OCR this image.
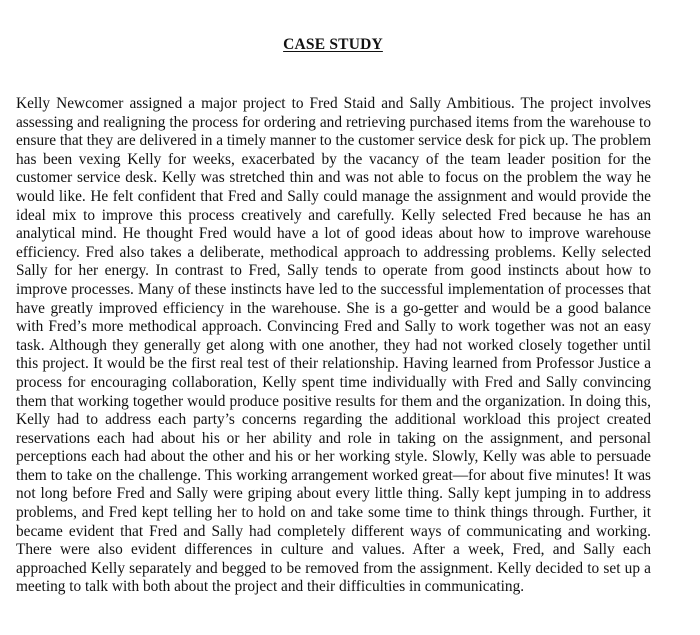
CASE STUDY

Kelly Newcomer assigned a major project to Fred Staid and Sally Ambitious. The project involves assessing and realigning the process for ordering and retrieving purchased items from the warehouse to ensure that they are delivered in a timely manner to the customer service desk for pick up. The problem has been vexing Kelly for weeks, exacerbated by the vacancy of the team leader position for the customer service desk. Kelly was stretched thin and was not able to focus on the problem the way he would like. He felt confident that Fred and Sally could manage the assignment and would provide the ideal mix to improve this process creatively and carefully. Kelly selected Fred because he has an analytical mind. He thought Fred would have a lot of good ideas about how to improve warehouse efficiency. Fred also takes a deliberate, methodical approach to addressing problems. Kelly selected Sally for her energy. In contrast to Fred, Sally tends to operate from good instincts about how to improve processes. Many of these instincts have led to the successful implementation of processes that have greatly improved efficiency in the warehouse. She is a go-getter and would be a good balance with Fred’s more methodical approach. Convincing Fred and Sally to work together was not an easy task. Although they generally get along with one another, they had not worked closely together until this project. It would be the first real test of their relationship. Having learned from Professor Justice a process for encouraging collaboration, Kelly spent time individually with Fred and Sally convincing them that working together would produce positive results for them and the organization. In doing this, Kelly had to address each party’s concerns regarding the additional workload this project created reservations each had about his or her ability and role in taking on the assignment, and personal perceptions each had about the other and his or her working style. Slowly, Kelly was able to persuade them to take on the challenge. This working arrangement worked great—for about five minutes! It was not long before Fred and Sally were griping about every little thing. Sally kept jumping in to address problems, and Fred kept telling her to hold on and take some time to think things through. Further, it became evident that Fred and Sally had completely different ways of communicating and working. There were also evident differences in culture and values. After a week, Fred, and Sally each approached Kelly separately and begged to be removed from the assignment. Kelly decided to set up a meeting to talk with both about the project and their difficulties in communicating.
